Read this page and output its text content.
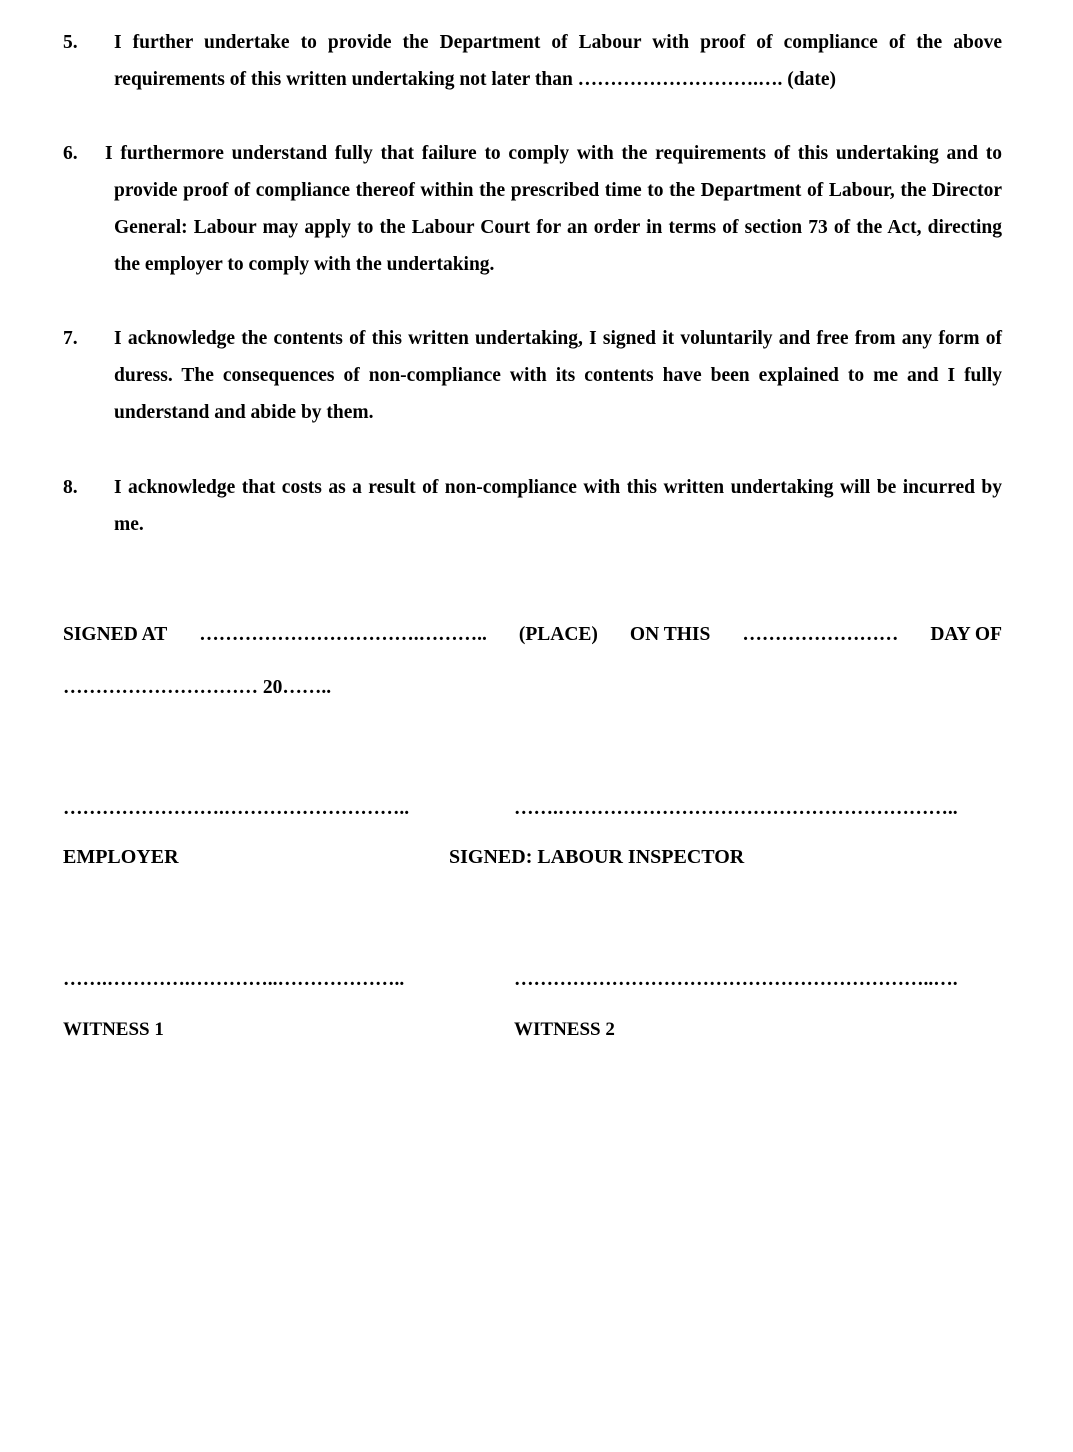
5. I further undertake to provide the Department of Labour with proof of compliance of the above requirements of this written undertaking not later than ……………………….…. (date)
6. I furthermore understand fully that failure to comply with the requirements of this undertaking and to provide proof of compliance thereof within the prescribed time to the Department of Labour, the Director General: Labour may apply to the Labour Court for an order in terms of section 73 of the Act, directing the employer to comply with the undertaking.
7. I acknowledge the contents of this written undertaking, I signed it voluntarily and free from any form of duress. The consequences of non-compliance with its contents have been explained to me and I fully understand and abide by them.
8. I acknowledge that costs as a result of non-compliance with this written undertaking will be incurred by me.
SIGNED AT …………………………….……….. (PLACE) ON THIS …………………… DAY OF
………………………… 20……..
…………………….………………………..	…….……………………………………………………..
EMPLOYER	SIGNED: LABOUR INSPECTOR
…….………….…………..………………..	………………………………………………………..….
WITNESS 1	WITNESS 2
